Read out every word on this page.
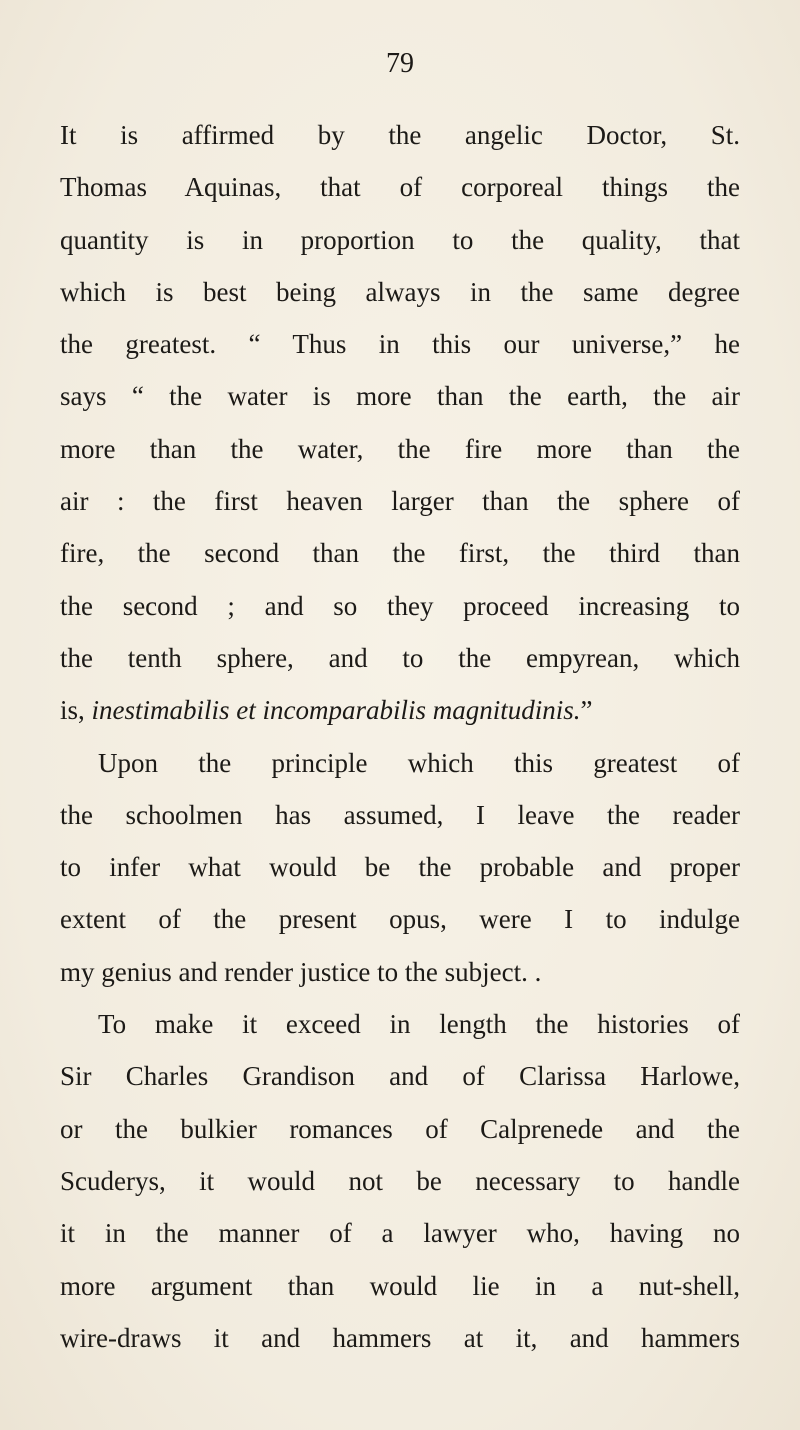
79
It is affirmed by the angelic Doctor, St.
Thomas Aquinas, that of corporeal things the
quantity is in proportion to the quality, that
which is best being always in the same degree
the greatest. “ Thus in this our universe,” he
says “ the water is more than the earth, the air
more than the water, the fire more than the
air : the first heaven larger than the sphere of
fire, the second than the first, the third than
the second ; and so they proceed increasing to
the tenth sphere, and to the empyrean, which
is, inestimabilis et incomparabilis magnitudinis.”
Upon the principle which this greatest of
the schoolmen has assumed, I leave the reader
to infer what would be the probable and proper
extent of the present opus, were I to indulge
my genius and render justice to the subject. .
To make it exceed in length the histories of
Sir Charles Grandison and of Clarissa Harlowe,
or the bulkier romances of Calprenede and the
Scuderys, it would not be necessary to handle
it in the manner of a lawyer who, having no
more argument than would lie in a nut-shell,
wire-draws it and hammers at it, and hammers
